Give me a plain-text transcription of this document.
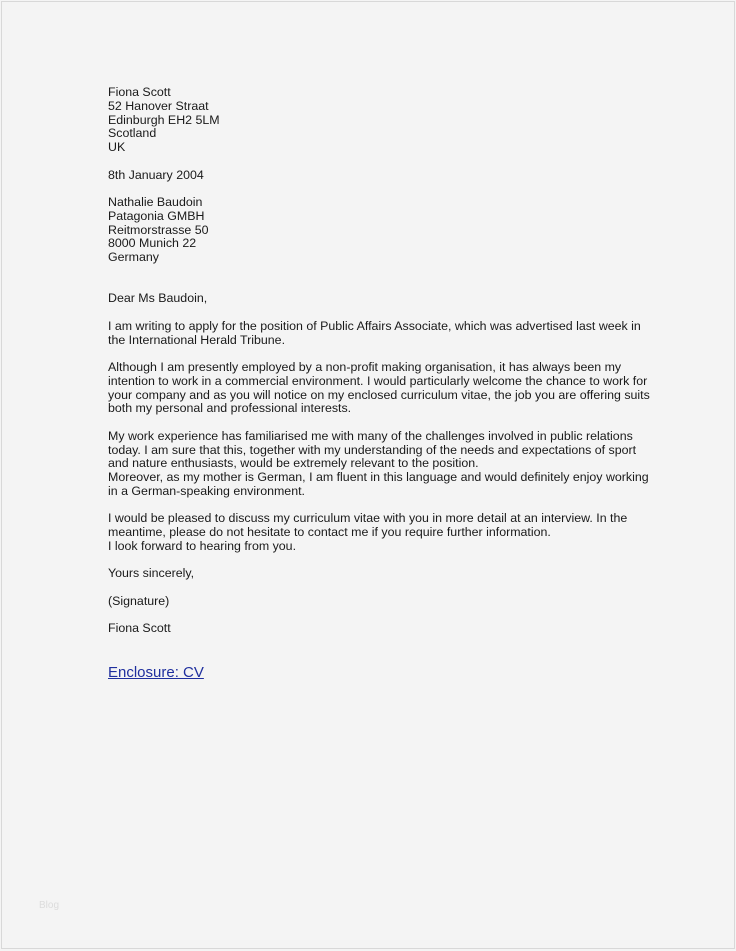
Fiona Scott
52 Hanover Straat
Edinburgh EH2 5LM
Scotland
UK
8th January 2004
Nathalie Baudoin
Patagonia GMBH
Reitmorstrasse 50
8000 Munich 22
Germany
Dear Ms Baudoin,
I am writing to apply for the position of Public Affairs Associate, which was advertised last week in
the International Herald Tribune.
Although I am presently employed by a non-profit making organisation, it has always been my
intention to work in a commercial environment. I would particularly welcome the chance to work for
your company and as you will notice on my enclosed curriculum vitae, the job you are offering suits
both my personal and professional interests.
My work experience has familiarised me with many of the challenges involved in public relations
today. I am sure that this, together with my understanding of the needs and expectations of sport
and nature enthusiasts, would be extremely relevant to the position.
Moreover, as my mother is German, I am fluent in this language and would definitely enjoy working
in a German-speaking environment.
I would be pleased to discuss my curriculum vitae with you in more detail at an interview. In the
meantime, please do not hesitate to contact me if you require further information.
I look forward to hearing from you.
Yours sincerely,
(Signature)
Fiona Scott
Enclosure: CV
Blog
